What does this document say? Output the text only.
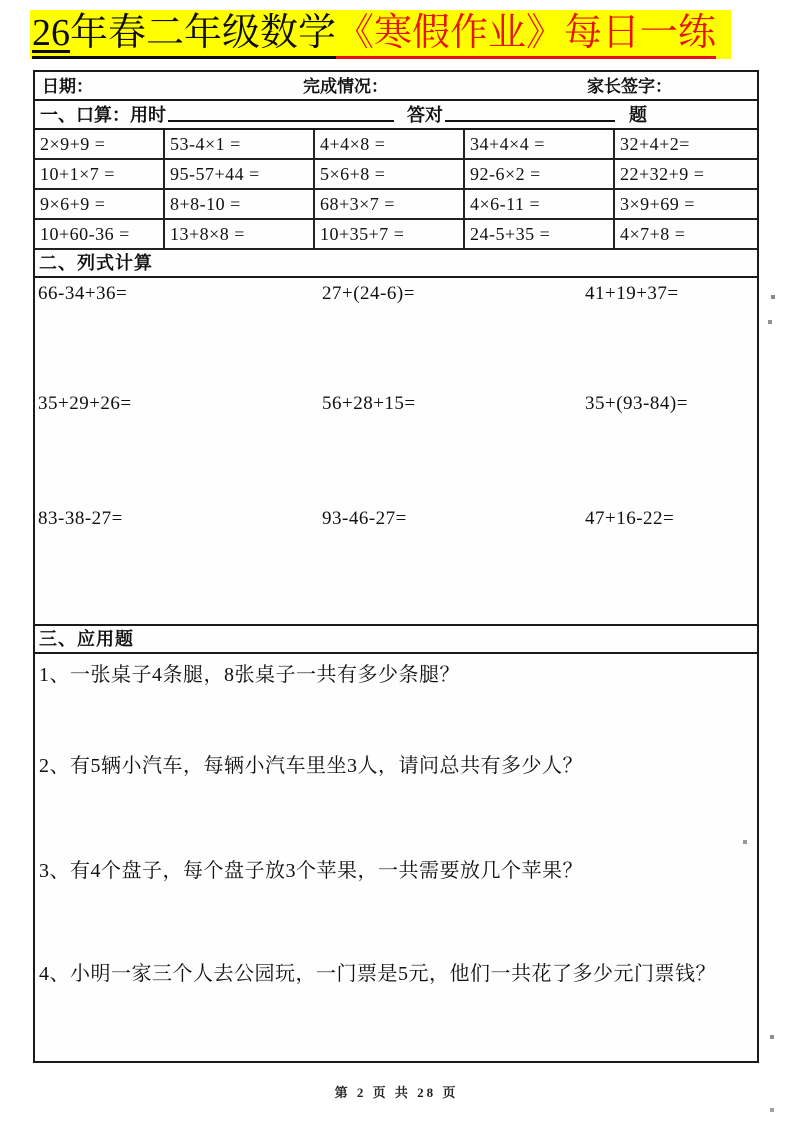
26年春二年级数学《寒假作业》每日一练
日期：	完成情况：	家长签字：
一、口算：用时	答对	题
2×9+9 =	53-4×1 =	4+4×8 =	34+4×4 =	32+4+2=
10+1×7 =	95-57+44 =	5×6+8 =	92-6×2 =	22+32+9 =
9×6+9 =	8+8-10 =	68+3×7 =	4×6-11 =	3×9+69 =
10+60-36 =	13+8×8 =	10+35+7 =	24-5+35 =	4×7+8 =
二、列式计算
66-34+36=	27+(24-6)=	41+19+37=
35+29+26=	56+28+15=	35+(93-84)=
83-38-27=	93-46-27=	47+16-22=
三、应用题
1、一张桌子4条腿，8张桌子一共有多少条腿？
2、有5辆小汽车，每辆小汽车里坐3人，请问总共有多少人？
3、有4个盘子，每个盘子放3个苹果，一共需要放几个苹果？
4、小明一家三个人去公园玩，一门票是5元，他们一共花了多少元门票钱？
第 2 页 共 28 页
